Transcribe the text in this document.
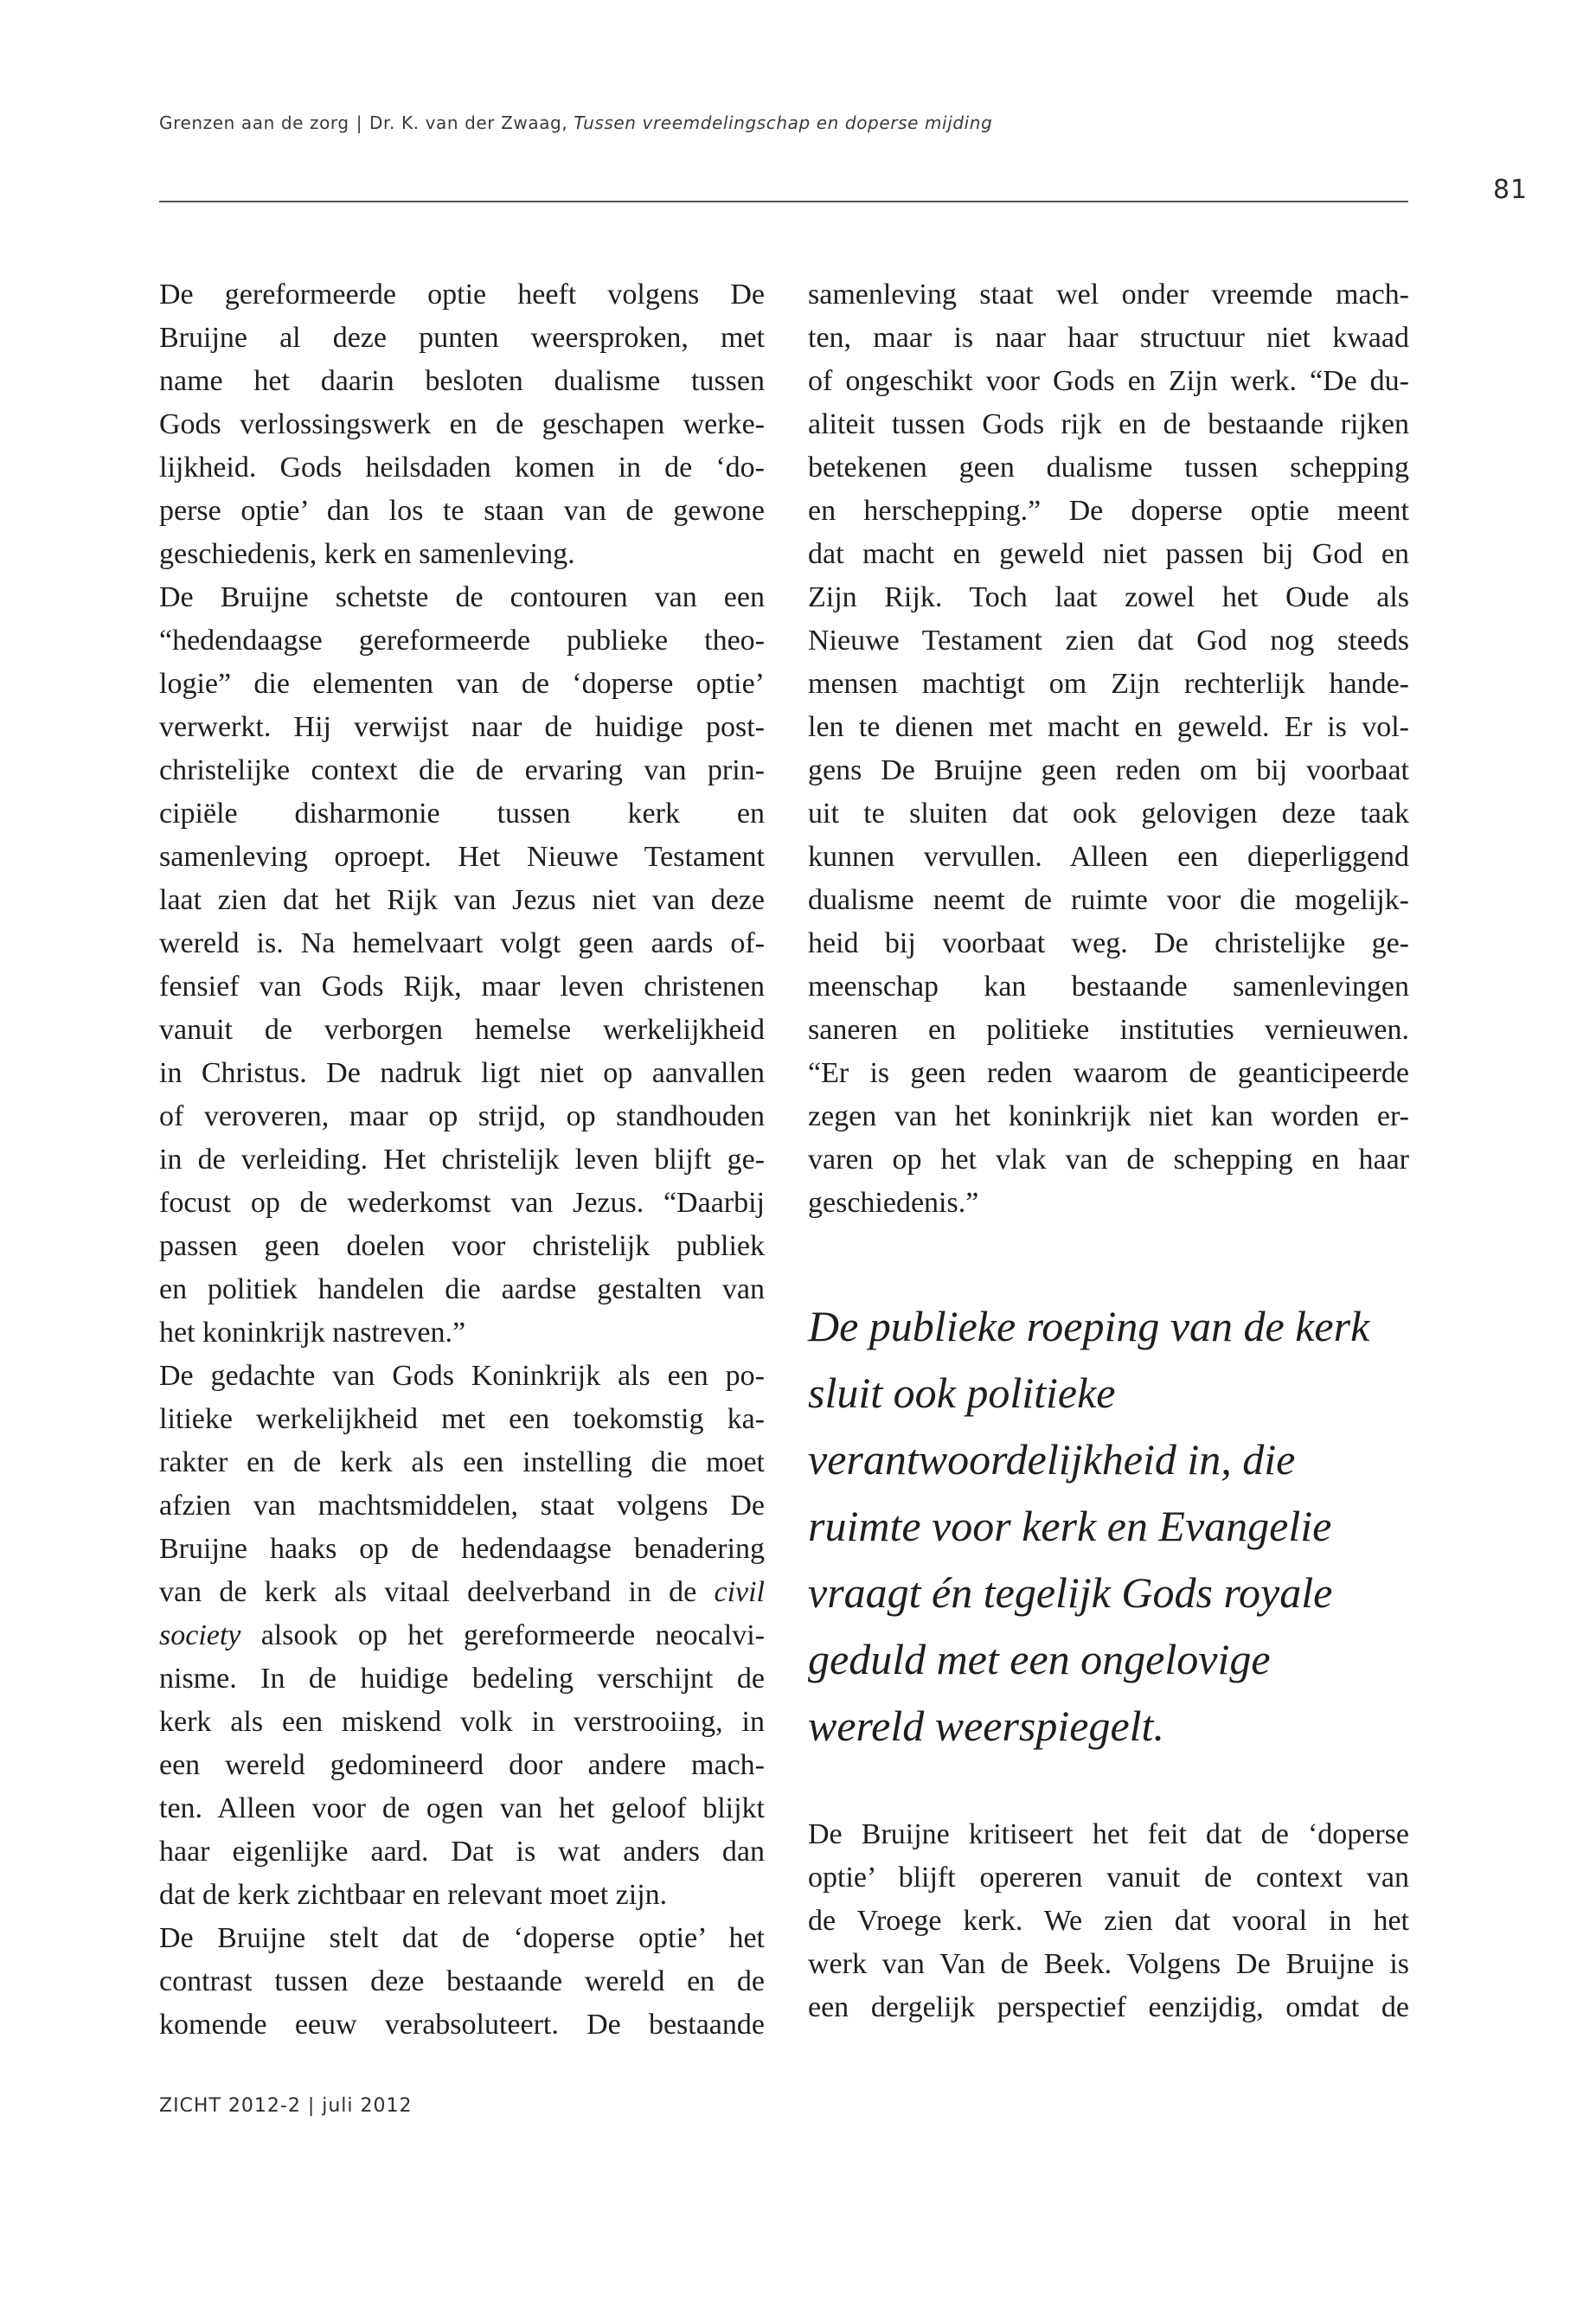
Grenzen aan de zorg | Dr. K. van der Zwaag, Tussen vreemdelingschap en doperse mijding
81

De gereformeerde optie heeft volgens De
Bruijne al deze punten weersproken, met
name het daarin besloten dualisme tussen
Gods verlossingswerk en de geschapen werke-
lijkheid. Gods heilsdaden komen in de ‘do-
perse optie’ dan los te staan van de gewone
geschiedenis, kerk en samenleving.

De Bruijne schetste de contouren van een
“hedendaagse gereformeerde publieke theo-
logie” die elementen van de ‘doperse optie’
verwerkt. Hij verwijst naar de huidige post-
christelijke context die de ervaring van prin-
cipiële disharmonie tussen kerk en
samenleving oproept. Het Nieuwe Testament
laat zien dat het Rijk van Jezus niet van deze
wereld is. Na hemelvaart volgt geen aards of-
fensief van Gods Rijk, maar leven christenen
vanuit de verborgen hemelse werkelijkheid
in Christus. De nadruk ligt niet op aanvallen
of veroveren, maar op strijd, op standhouden
in de verleiding. Het christelijk leven blijft ge-
focust op de wederkomst van Jezus. “Daarbij
passen geen doelen voor christelijk publiek
en politiek handelen die aardse gestalten van
het koninkrijk nastreven.”

De gedachte van Gods Koninkrijk als een po-
litieke werkelijkheid met een toekomstig ka-
rakter en de kerk als een instelling die moet
afzien van machtsmiddelen, staat volgens De
Bruijne haaks op de hedendaagse benadering
van de kerk als vitaal deelverband in de civil
society alsook op het gereformeerde neocalvi-
nisme. In de huidige bedeling verschijnt de
kerk als een miskend volk in verstrooiing, in
een wereld gedomineerd door andere mach-
ten. Alleen voor de ogen van het geloof blijkt
haar eigenlijke aard. Dat is wat anders dan
dat de kerk zichtbaar en relevant moet zijn.

De Bruijne stelt dat de ‘doperse optie’ het
contrast tussen deze bestaande wereld en de
komende eeuw verabsoluteert. De bestaande

samenleving staat wel onder vreemde mach-
ten, maar is naar haar structuur niet kwaad
of ongeschikt voor Gods en Zijn werk. “De du-
aliteit tussen Gods rijk en de bestaande rijken
betekenen geen dualisme tussen schepping
en herschepping.” De doperse optie meent
dat macht en geweld niet passen bij God en
Zijn Rijk. Toch laat zowel het Oude als
Nieuwe Testament zien dat God nog steeds
mensen machtigt om Zijn rechterlijk hande-
len te dienen met macht en geweld. Er is vol-
gens De Bruijne geen reden om bij voorbaat
uit te sluiten dat ook gelovigen deze taak
kunnen vervullen. Alleen een dieperliggend
dualisme neemt de ruimte voor die mogelijk-
heid bij voorbaat weg. De christelijke ge-
meenschap kan bestaande samenlevingen
saneren en politieke instituties vernieuwen.
“Er is geen reden waarom de geanticipeerde
zegen van het koninkrijk niet kan worden er-
varen op het vlak van de schepping en haar
geschiedenis.”

De publieke roeping van de kerk
sluit ook politieke
verantwoordelijkheid in, die
ruimte voor kerk en Evangelie
vraagt én tegelijk Gods royale
geduld met een ongelovige
wereld weerspiegelt.
De Bruijne kritiseert het feit dat de ‘doperse
optie’ blijft opereren vanuit de context van
de Vroege kerk. We zien dat vooral in het
werk van Van de Beek. Volgens De Bruijne is
een dergelijk perspectief eenzijdig, omdat de
ZICHT 2012-2 | juli 2012
